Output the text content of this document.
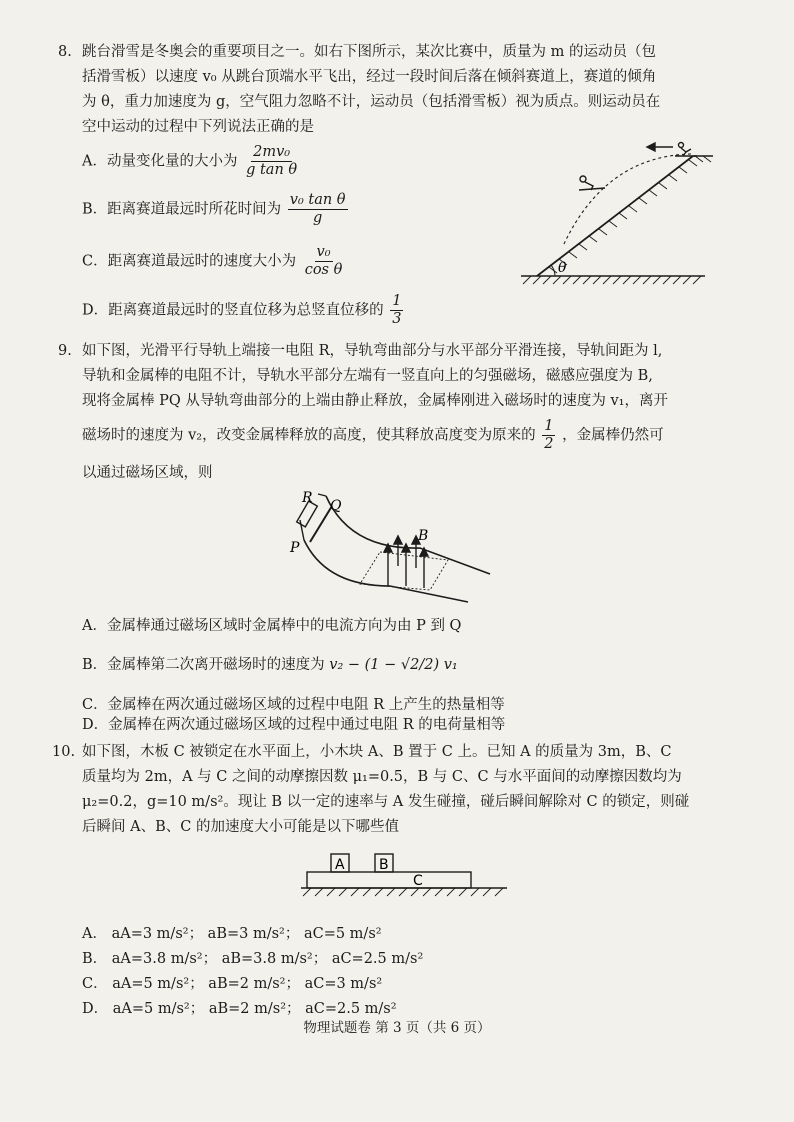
8. 跳台滑雪是冬奥会的重要项目之一。如右下图所示，某次比赛中，质量为 m 的运动员（包
括滑雪板）以速度 v₀ 从跳台顶端水平飞出，经过一段时间后落在倾斜赛道上，赛道的倾角
为 θ，重力加速度为 g，空气阻力忽略不计，运动员（包括滑雪板）视为质点。则运动员在
空中运动的过程中下列说法正确的是
A．动量变化量的大小为 $\frac{\text{2mv₀}}{\text{g tan θ}}$
B．距离赛道最远时所花时间为 $\frac{\text{v₀ tan θ}}{g}$
C．距离赛道最远时的速度大小为 $\frac{\text{v₀}}{\text{cos θ}}$
D．距离赛道最远时的竖直位移为总竖直位移的 $\frac{1}{3}$
θ
9. 如下图，光滑平行导轨上端接一电阻 R，导轨弯曲部分与水平部分平滑连接，导轨间距为 l,
导轨和金属棒的电阻不计，导轨水平部分左端有一竖直向上的匀强磁场，磁感应强度为 B,
现将金属棒 PQ 从导轨弯曲部分的上端由静止释放，金属棒刚进入磁场时的速度为 v₁，离开
磁场时的速度为 v₂，改变金属棒释放的高度，使其释放高度变为原来的 $\frac{1}{2}$ ，金属棒仍然可
以通过磁场区域，则
R Q
P
B
A．金属棒通过磁场区域时金属棒中的电流方向为由 P 到 Q
B．金属棒第二次离开磁场时的速度为 v₂ − (1 − √2/2) v₁
C．金属棒在两次通过磁场区域的过程中电阻 R 上产生的热量相等
D．金属棒在两次通过磁场区域的过程中通过电阻 R 的电荷量相等
10. 如下图，木板 C 被锁定在水平面上，小木块 A、B 置于 C 上。已知 A 的质量为 3m，B、C
质量均为 2m，A 与 C 之间的动摩擦因数 μ₁=0.5，B 与 C、C 与水平面间的动摩擦因数均为
μ₂=0.2，g=10 m/s²。现让 B 以一定的速率与 A 发生碰撞，碰后瞬间解除对 C 的锁定，则碰
后瞬间 A、B、C 的加速度大小可能是以下哪些值
A B
C
A． aA=3 m/s²； aB=3 m/s²； aC=5 m/s²
B． aA=3.8 m/s²； aB=3.8 m/s²； aC=2.5 m/s²
C． aA=5 m/s²； aB=2 m/s²； aC=3 m/s²
D． aA=5 m/s²； aB=2 m/s²； aC=2.5 m/s²
物理试题卷 第 3 页（共 6 页）
